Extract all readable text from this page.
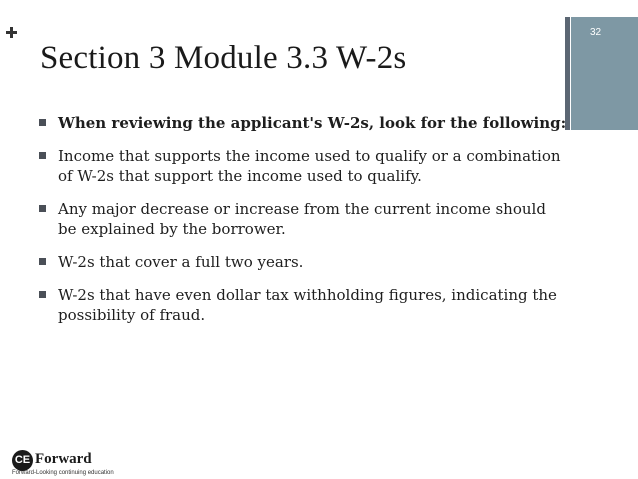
32
Section 3 Module 3.3 W-2s
When reviewing the applicant's W-2s, look for the following:
Income that supports the income used to qualify or a combination of W-2s that support the income used to qualify.
Any major decrease or increase from the current income should be explained by the borrower.
W-2s that cover a full two years.
W-2s that have even dollar tax withholding figures, indicating the possibility of fraud.
CE Forward
Forward-Looking continuing education
